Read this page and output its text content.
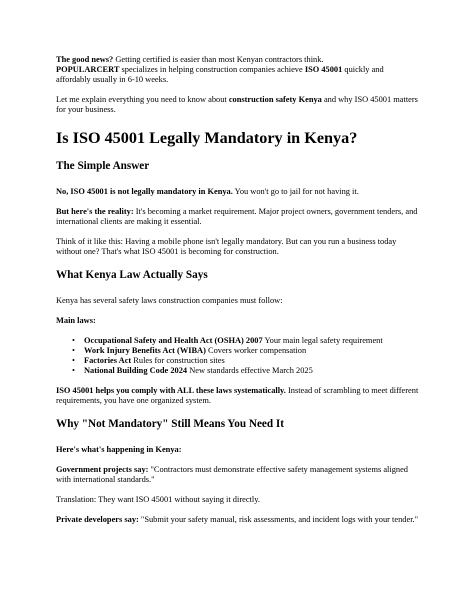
The good news? Getting certified is easier than most Kenyan contractors think.
POPULARCERT specializes in helping construction companies achieve ISO 45001 quickly and affordably usually in 6-10 weeks.

Let me explain everything you need to know about construction safety Kenya and why ISO 45001 matters for your business.

Is ISO 45001 Legally Mandatory in Kenya?
The Simple Answer

No, ISO 45001 is not legally mandatory in Kenya. You won't go to jail for not having it.

But here's the reality: It's becoming a market requirement. Major project owners, government tenders, and international clients are making it essential.

Think of it like this: Having a mobile phone isn't legally mandatory. But can you run a business today without one? That's what ISO 45001 is becoming for construction.

What Kenya Law Actually Says

Kenya has several safety laws construction companies must follow:

Main laws:

• Occupational Safety and Health Act (OSHA) 2007 Your main legal safety requirement
• Work Injury Benefits Act (WIBA) Covers worker compensation
• Factories Act Rules for construction sites
• National Building Code 2024 New standards effective March 2025

ISO 45001 helps you comply with ALL these laws systematically. Instead of scrambling to meet different requirements, you have one organized system.

Why "Not Mandatory" Still Means You Need It

Here's what's happening in Kenya:

Government projects say: "Contractors must demonstrate effective safety management systems aligned with international standards."

Translation: They want ISO 45001 without saying it directly.

Private developers say: "Submit your safety manual, risk assessments, and incident logs with your tender."
